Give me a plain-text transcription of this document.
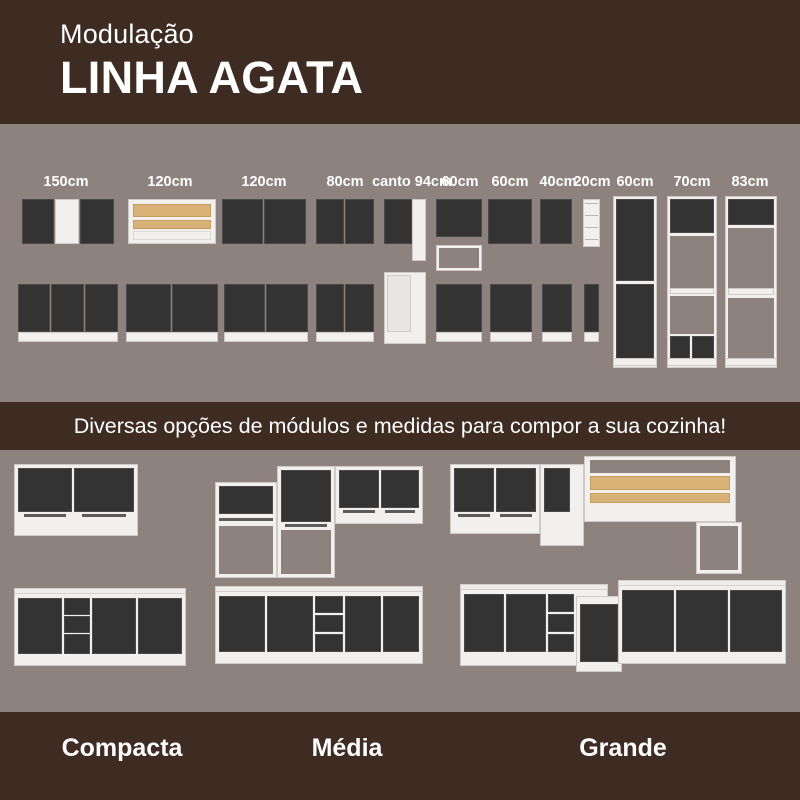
Modulação
LINHA AGATA
150cm	120cm	120cm	80cm canto 94cm
60cm 60cm 40cm
20cm 60cm 70cm 83cm
Diversas opções de módulos e medidas para compor a sua cozinha!
Compacta	Média	Grande
